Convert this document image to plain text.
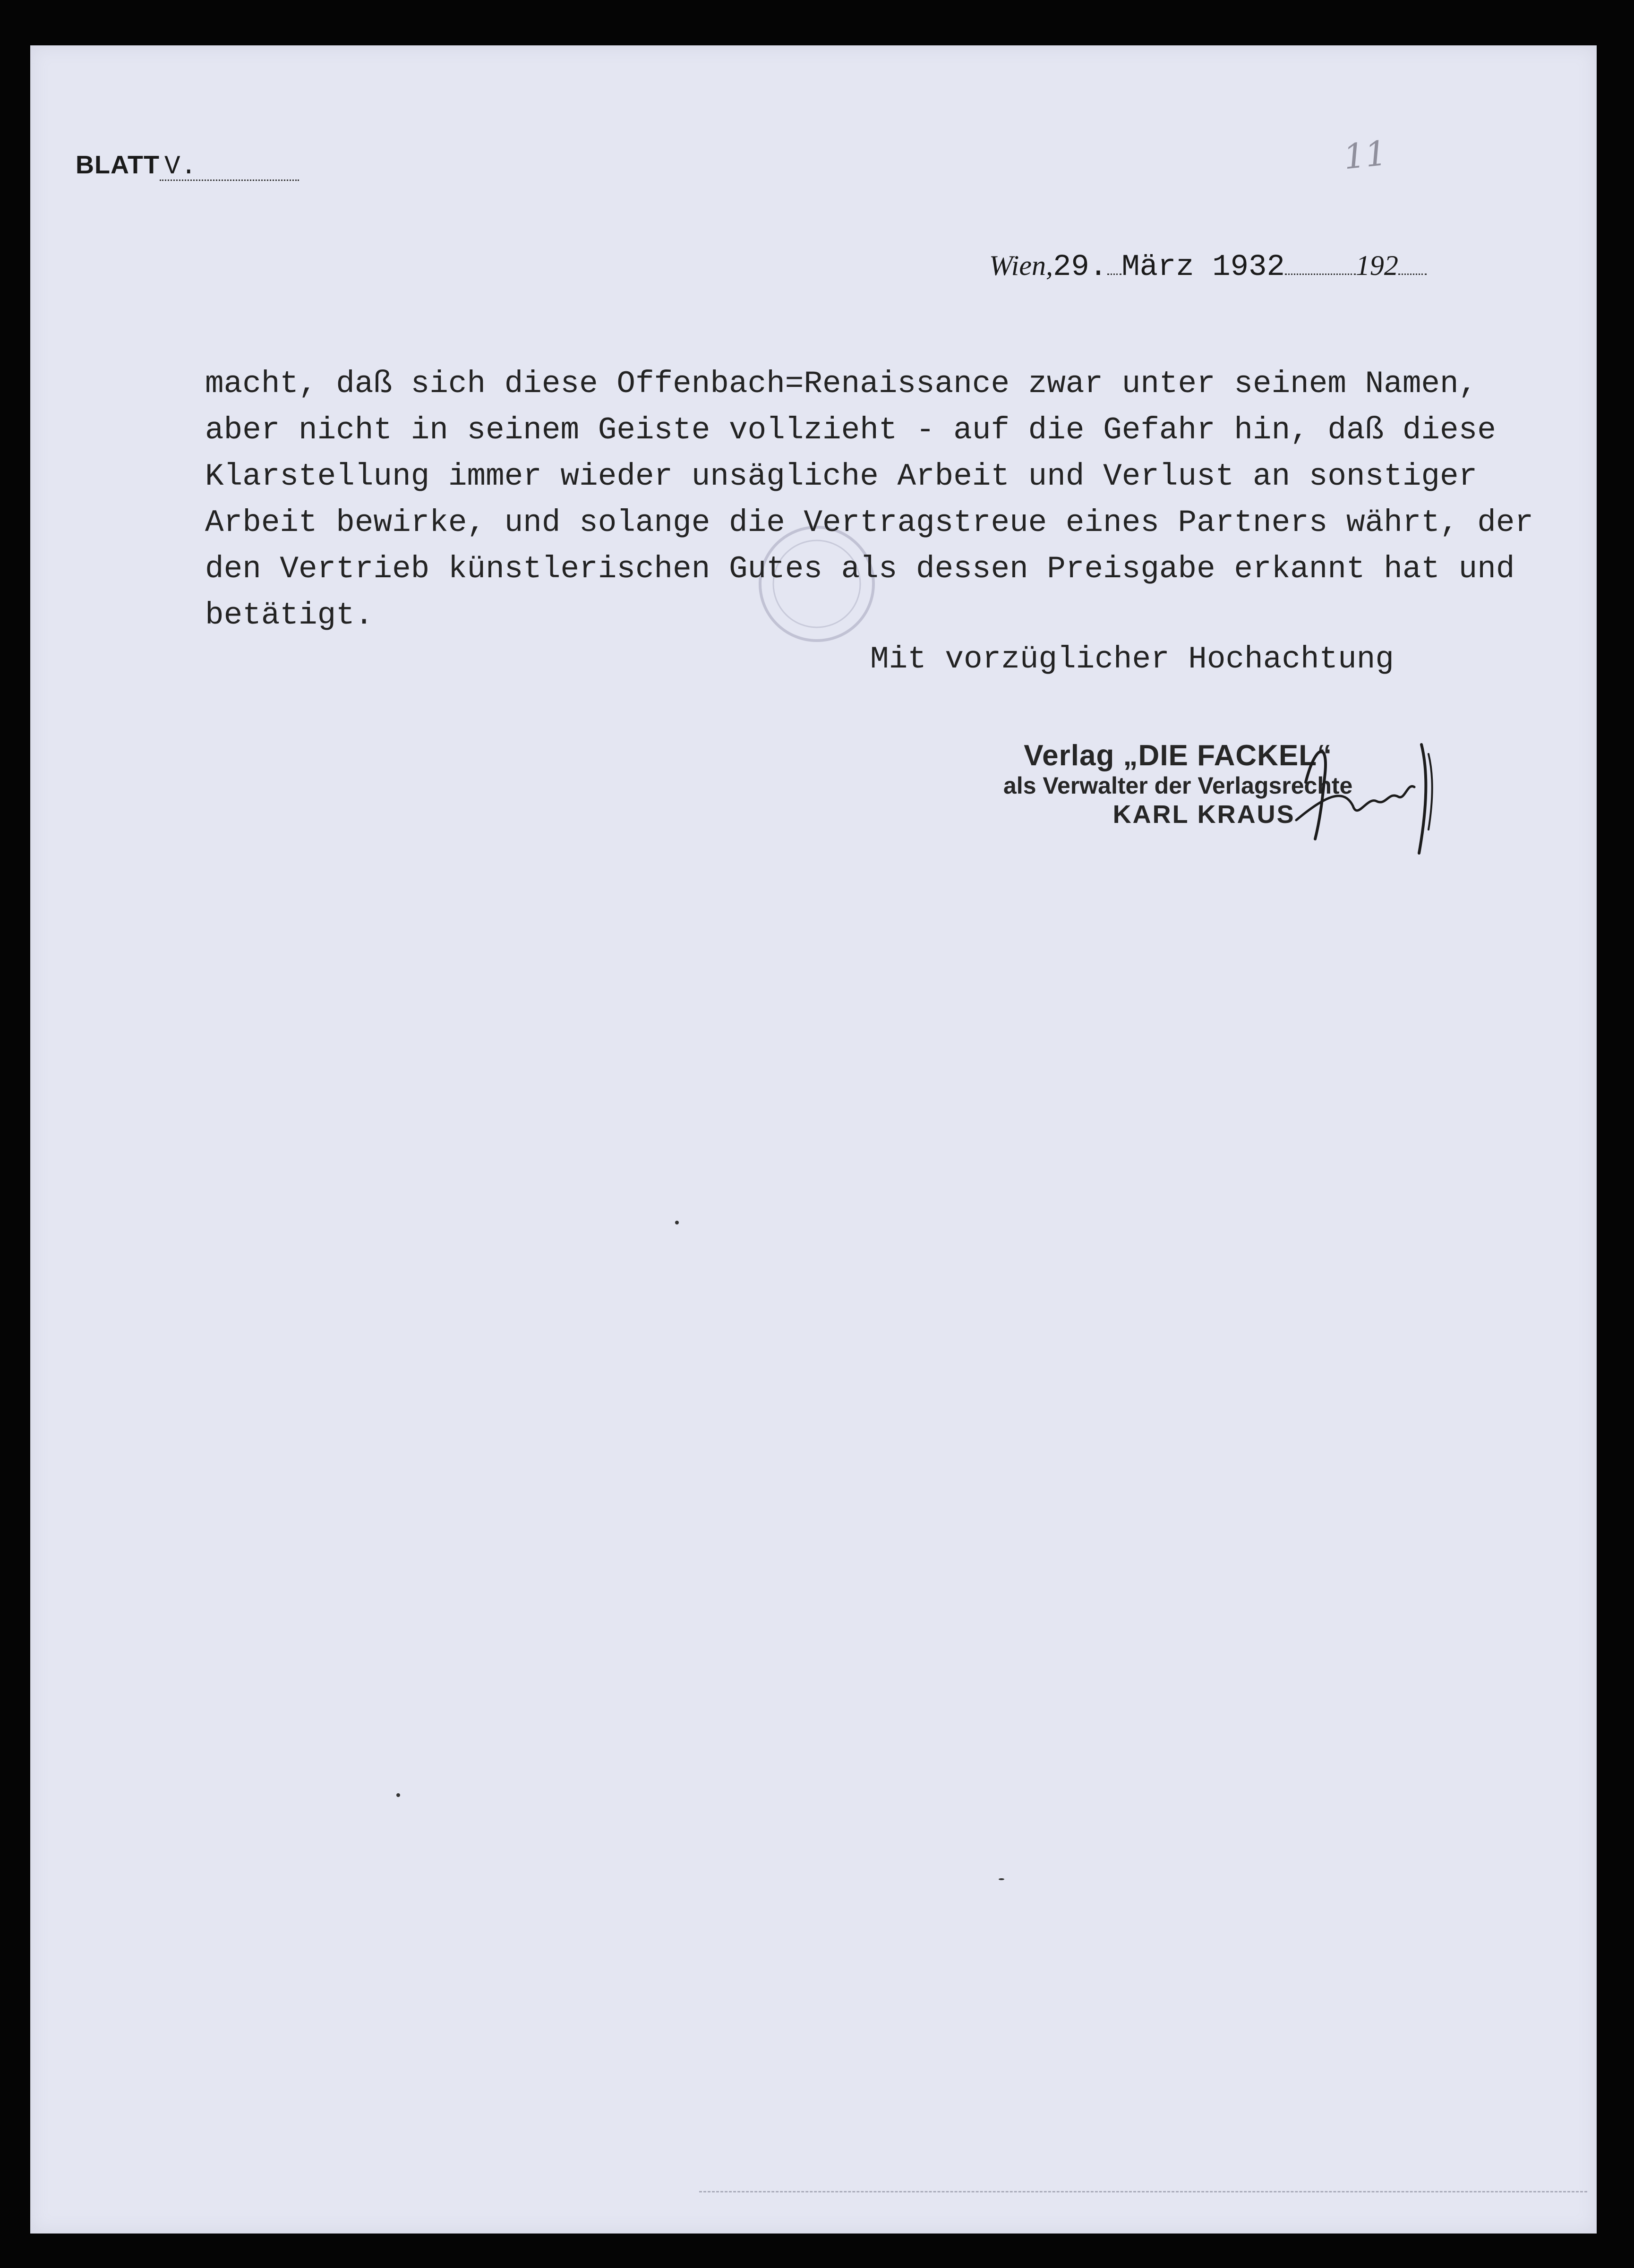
BLATT V.	11
Wien,29. März 1932	192
macht, daß sich diese Offenbach=Renaissance zwar unter seinem Namen,
aber nicht in seinem Geiste vollzieht - auf die Gefahr hin, daß diese
Klarstellung immer wieder unsägliche Arbeit und Verlust an sonstiger
Arbeit bewirke, und solange die Vertragstreue eines Partners währt, der
den Vertrieb künstlerischen Gutes als dessen Preisgabe erkannt hat und
betätigt.
Mit vorzüglicher Hochachtung
Verlag „DIE FACKEL“
als Verwalter der Verlagsrechte
KARL KRAUS
